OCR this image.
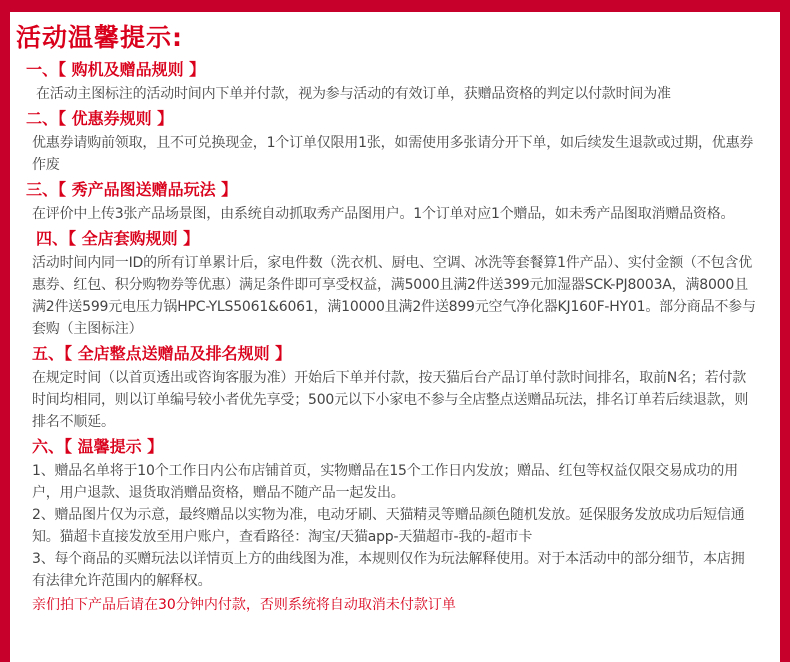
活动温馨提示:
一、【 购机及赠品规则 】
在活动主图标注的活动时间内下单并付款，视为参与活动的有效订单，获赠品资格的判定以付款时间为准
二、【 优惠券规则 】
优惠券请购前领取，且不可兑换现金，1个订单仅限用1张，如需使用多张请分开下单，如后续发生退款或过期，优惠券作废
三、【 秀产品图送赠品玩法 】
在评价中上传3张产品场景图，由系统自动抓取秀产品图用户。1个订单对应1个赠品，如未秀产品图取消赠品资格。
四、【 全店套购规则 】
活动时间内同一ID的所有订单累计后，家电件数（洗衣机、厨电、空调、冰洗等套餐算1件产品）、实付金额（不包含优惠券、红包、积分购物券等优惠）满足条件即可享受权益，满5000且满2件送399元加湿器SCK-PJ8003A，满8000且满2件送599元电压力锅HPC-YLS5061&6061，满10000且满2件送899元空气净化器KJ160F-HY01。部分商品不参与套购（主图标注）
五、【 全店整点送赠品及排名规则 】
在规定时间（以首页透出或咨询客服为准）开始后下单并付款，按天猫后台产品订单付款时间排名，取前N名；若付款时间均相同，则以订单编号较小者优先享受；500元以下小家电不参与全店整点送赠品玩法，排名订单若后续退款，则排名不顺延。
六、【 温馨提示 】
1、赠品名单将于10个工作日内公布店铺首页，实物赠品在15个工作日内发放；赠品、红包等权益仅限交易成功的用户，用户退款、退货取消赠品资格，赠品不随产品一起发出。
2、赠品图片仅为示意，最终赠品以实物为准，电动牙刷、天猫精灵等赠品颜色随机发放。延保服务发放成功后短信通知。猫超卡直接发放至用户账户，查看路径：淘宝/天猫app-天猫超市-我的-超市卡
3、每个商品的买赠玩法以详情页上方的曲线图为准，本规则仅作为玩法解释使用。对于本活动中的部分细节，本店拥有法律允许范围内的解释权。
亲们拍下产品后请在30分钟内付款，否则系统将自动取消未付款订单
